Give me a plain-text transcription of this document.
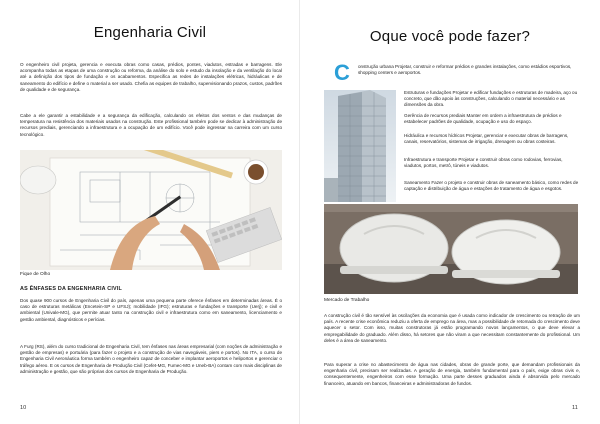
Engenharia Civil
O engenheiro civil projeta, gerencia e executa obras como casas, prédios, pontes, viadutos, estradas e barragens. Ele acompanha todas as etapas de uma construção ou reforma, da análise do solo e estudo da insolação e da ventilação do local até a definição dos tipos de fundação e os acabamentos. Especifica as redes de instalações elétricas, hidráulicas e de saneamento do edifício e define o material a ser usado. Chefia as equipes de trabalho, supervisionando prazos, custos, padrões de qualidade e de segurança.
Cabe a ele garantir a estabilidade e a segurança da edificação, calculando os efeitos dos ventos e das mudanças de temperatura na resistência dos materiais usados na construção. Este profissional também pode se dedicar à administração de recursos prediais, gerenciando a infraestrutura e a ocupação de um edifício. Você pode ingressar na carreira com um curso tecnológico.
Fique de Olho
AS ÊNFASES DA ENGENHARIA CIVIL
Dos quase 900 cursos de Engenharia Civil do país, apenas uma pequena parte oferece ênfases em determinadas áreas. É o caso de estruturas metálicas (Encetein-SP e UFSJ); mobilidade (IFG); estruturas e fundações e transporte (Uerj); e civil e ambiental (Univale-MG), que permite atuar tanto na construção civil e infraestrutura como em saneamento, licenciamento e gestão ambiental, diagnósticos e perícias.
A Furg (RS), além do curso tradicional de Engenharia Civil, tem ênfases nas áreas empresarial (com noções de administração e gestão de empresas) e portuária (para fazer o projeto e a construção de vias navegáveis, piers e portos). No ITA, o curso de Engenharia Civil Aeronáutica forma também o engenheiro capaz de conceber e implantar aeroportos e heliportos e gerenciar o tráfego aéreo. E os cursos de Engenharia de Produção Civil (Cefet-MG, Fumec-MG e Uneb-BA) contam com mais disciplinas de administração e gestão, que são próprias dos cursos de Engenharia de Produção.
10
Oque você pode fazer?
C onstrução urbana Projetar, construir e reformar prédios e grandes instalações, como estádios esportivos, shopping centers e aeroportos.
Estruturas e fundações Projetar e edificar fundações e estruturas de madeira, aço ou concreto, que dão apoio às construções, calculando o material necessário e as dimensões da obra.
Gerência de recursos prediais Manter em ordem a infraestrutura de prédios e estabelecer padrões de qualidade, ocupação e uso do espaço.
Hidráulica e recursos hídricos Projetar, gerenciar e executar obras de barragens, canais, reservatórios, sistemas de irrigação, drenagem ou obras costeiras.
Infraestrutura e transporte Projetar e construir obras como rodovias, ferrovias, viadutos, portos, metrô, túneis e viadutos.
Saneamento Fazer o projeto e construir obras de saneamento básico, como redes de captação e distribuição de água e estações de tratamento de água e esgotos.
Mercado de Trabalho
A construção civil é tão sensível às oscilações da economia que é usada como indicador de crescimento ou retração de um país. A recente crise econômica reduziu a oferta de emprego na área, mas a possibilidade de retomada do crescimento deve aquecer o setor. Com isso, muitas construtoras já estão programando novos lançamentos, o que deve elevar a empregabilidade do graduado. Além disso, há setores que não viram a que necessitam constantemente do profissional. Um deles é a área de saneamento.
Para superar a crise no abastecimento de água nas cidades, obras de grande porte, que demandam profissionais da engenharia civil, precisam ser realizadas. A geração de energia, também fundamental para o país, exige obras civis e, consequentemente, engenheiros com esse formação. Uma parte desses graduados ainda é absorvida pelo mercado financeiro, atuando em bancos, financeiras e administradoras de fundos.
11
